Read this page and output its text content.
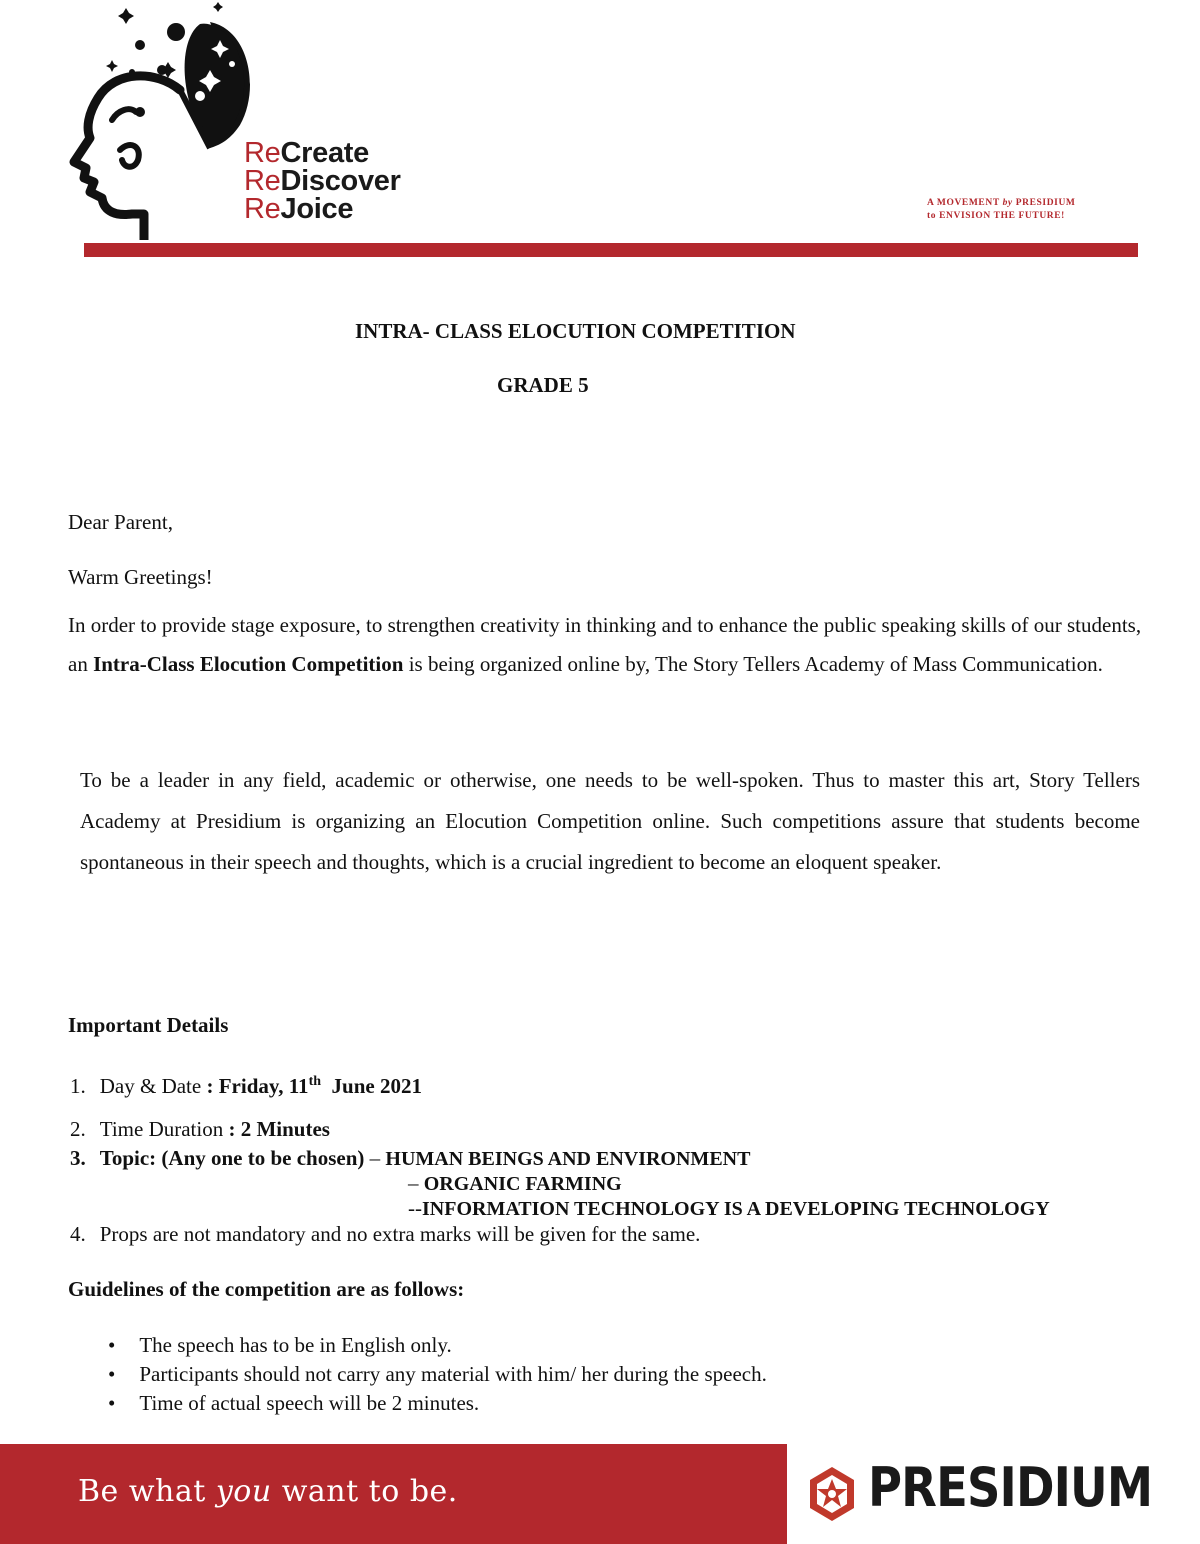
ReCreate
ReDiscover
ReJoice	A MOVEMENT by PRESIDIUM
to ENVISION THE FUTURE!
INTRA- CLASS ELOCUTION COMPETITION
GRADE 5
Dear Parent,
Warm Greetings!

In order to provide stage exposure, to strengthen creativity in thinking and to enhance the public speaking skills of our students, an Intra-Class Elocution Competition is being organized online by, The Story Tellers Academy of Mass Communication.

To be a leader in any field, academic or otherwise, one needs to be well-spoken. Thus to master this art, Story Tellers Academy at Presidium is organizing an Elocution Competition online. Such competitions assure that students become spontaneous in their speech and thoughts, which is a crucial ingredient to become an eloquent speaker.

Important Details
1. Day & Date : Friday, 11th  June 2021
2. Time Duration : 2 Minutes
3. Topic: (Any one to be chosen) – HUMAN BEINGS AND ENVIRONMENT
– ORGANIC FARMING
--INFORMATION TECHNOLOGY IS A DEVELOPING TECHNOLOGY
4. Props are not mandatory and no extra marks will be given for the same.
Guidelines of the competition are as follows:
• The speech has to be in English only.
• Participants should not carry any material with him/ her during the speech.
• Time of actual speech will be 2 minutes.
Be what you want to be.	PRESIDIUM
